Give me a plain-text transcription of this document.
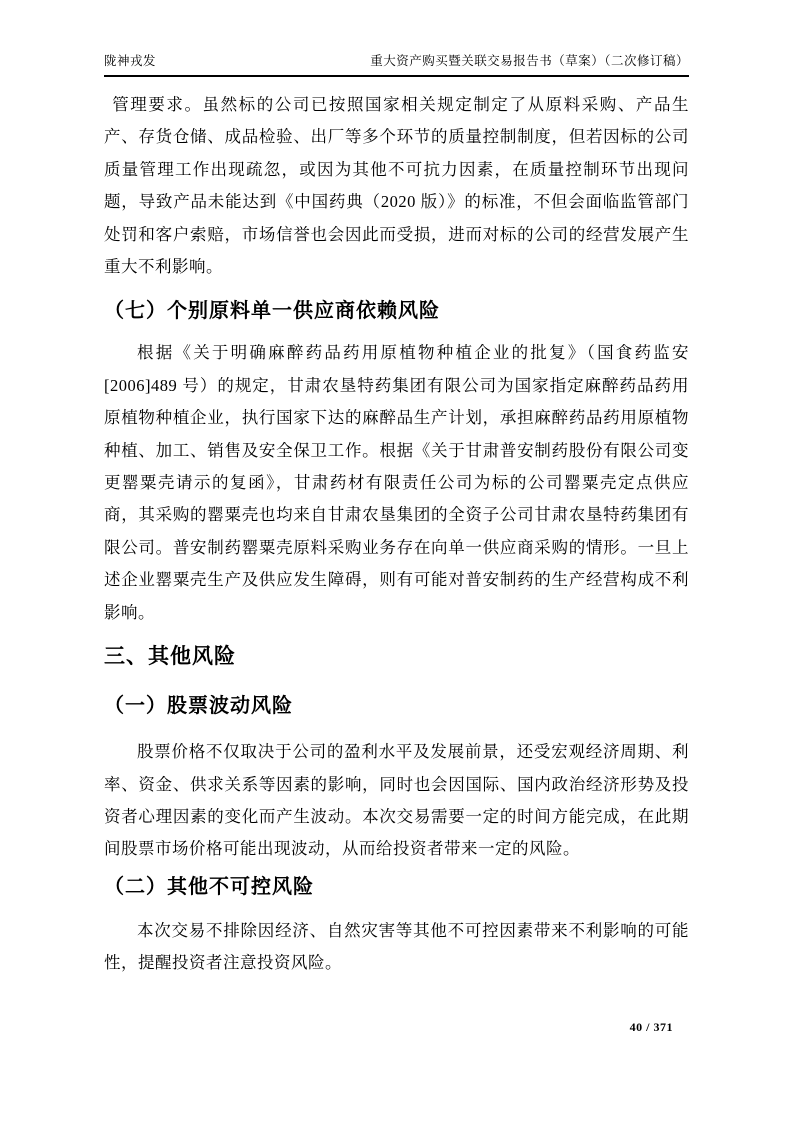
陇神戎发	重大资产购买暨关联交易报告书（草案）（二次修订稿）

管理要求。虽然标的公司已按照国家相关规定制定了从原料采购、产品生产、存货仓储、成品检验、出厂等多个环节的质量控制制度，但若因标的公司质量管理工作出现疏忽，或因为其他不可抗力因素，在质量控制环节出现问题，导致产品未能达到《中国药典（2020 版）》的标准，不但会面临监管部门处罚和客户索赔，市场信誉也会因此而受损，进而对标的公司的经营发展产生重大不利影响。

（七）个别原料单一供应商依赖风险

根据《关于明确麻醉药品药用原植物种植企业的批复》（国食药监安[2006]489 号）的规定，甘肃农垦特药集团有限公司为国家指定麻醉药品药用原植物种植企业，执行国家下达的麻醉品生产计划，承担麻醉药品药用原植物种植、加工、销售及安全保卫工作。根据《关于甘肃普安制药股份有限公司变更罂粟壳请示的复函》，甘肃药材有限责任公司为标的公司罂粟壳定点供应商，其采购的罂粟壳也均来自甘肃农垦集团的全资子公司甘肃农垦特药集团有限公司。普安制药罂粟壳原料采购业务存在向单一供应商采购的情形。一旦上述企业罂粟壳生产及供应发生障碍，则有可能对普安制药的生产经营构成不利影响。

三、其他风险
（一）股票波动风险

股票价格不仅取决于公司的盈利水平及发展前景，还受宏观经济周期、利率、资金、供求关系等因素的影响，同时也会因国际、国内政治经济形势及投资者心理因素的变化而产生波动。本次交易需要一定的时间方能完成，在此期间股票市场价格可能出现波动，从而给投资者带来一定的风险。

（二）其他不可控风险

本次交易不排除因经济、自然灾害等其他不可控因素带来不利影响的可能性，提醒投资者注意投资风险。

40 / 371
